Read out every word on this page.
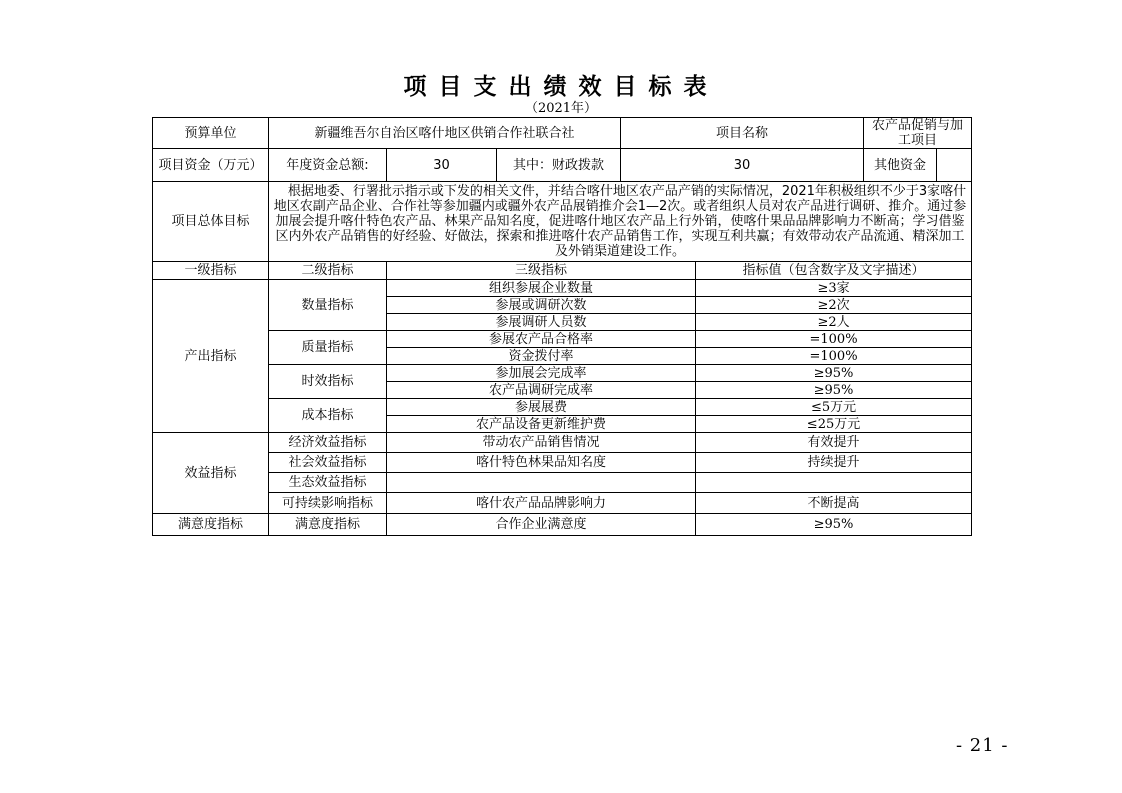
项目支出绩效目标表
（2021年）
预算单位	新疆维吾尔自治区喀什地区供销合作社联合社			项目名称		农产品促销与加工项目
项目资金（万元）	年度资金总额:	30	其中：财政拨款	30		其他资金

项目总体目标	根据地委、行署批示指示或下发的相关文件，并结合喀什地区农产品产销的实际情况，2021年积极组织不少于3家喀什地区农副产品企业、合作社等参加疆内或疆外农产品展销推介会1—2次。或者组织人员对农产品进行调研、推介。通过参加展会提升喀什特色农产品、林果产品知名度，促进喀什地区农产品上行外销，使喀什果品品牌影响力不断高；学习借鉴区内外农产品销售的好经验、好做法，探索和推进喀什农产品销售工作，实现互利共赢；有效带动农产品流通、精深加工及外销渠道建设工作。					
一级指标	二级指标	三级指标			指标值（包含数字及文字描述）	
产出指标	数量指标	组织参展企业数量			≥3家	
		参展或调研次数			≥2次	
		参展调研人员数			≥2人	
	质量指标	参展农产品合格率			=100%	
		资金拨付率			=100%	
	时效指标	参加展会完成率			≥95%	
		农产品调研完成率			≥95%	
	成本指标	参展展费			≤5万元	
		农产品设备更新维护费			≤25万元	
效益指标	经济效益指标	带动农产品销售情况			有效提升	
	社会效益指标	喀什特色林果品知名度			持续提升	
	生态效益指标					
	可持续影响指标	喀什农产品品牌影响力			不断提高	
满意度指标	满意度指标	合作企业满意度			≥95%	
- 21 -
